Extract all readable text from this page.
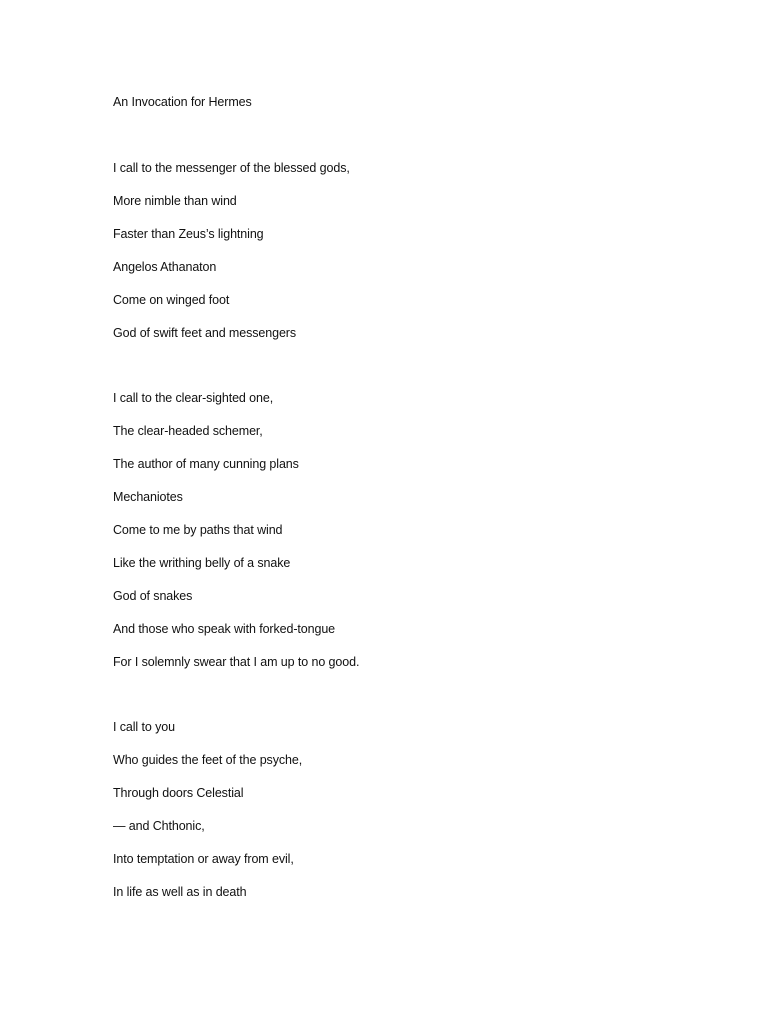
An Invocation for Hermes
I call to the messenger of the blessed gods,
More nimble than wind
Faster than Zeus’s lightning
Angelos Athanaton
Come on winged foot
God of swift feet and messengers
I call to the clear-sighted one,
The clear-headed schemer,
The author of many cunning plans
Mechaniotes
Come to me by paths that wind
Like the writhing belly of a snake
God of snakes
And those who speak with forked-tongue
For I solemnly swear that I am up to no good.
I call to you
Who guides the feet of the psyche,
Through doors Celestial
— and Chthonic,
Into temptation or away from evil,
In life as well as in death
